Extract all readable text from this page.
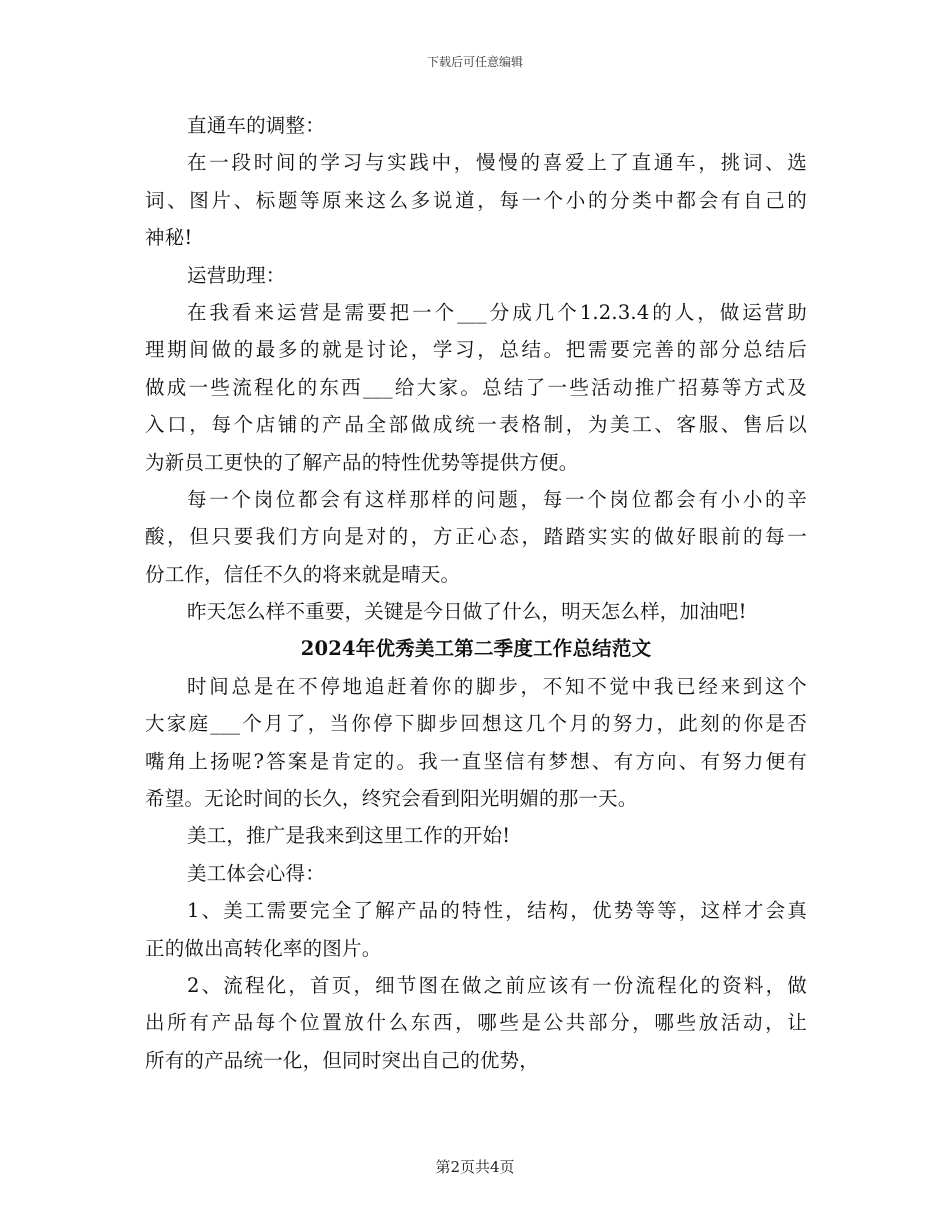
下载后可任意编辑
直通车的调整：
在一段时间的学习与实践中，慢慢的喜爱上了直通车，挑词、选
词、图片、标题等原来这么多说道，每一个小的分类中都会有自己的
神秘!
运营助理：
在我看来运营是需要把一个___分成几个1.2.3.4的人，做运营助
理期间做的最多的就是讨论，学习，总结。把需要完善的部分总结后
做成一些流程化的东西___给大家。总结了一些活动推广招募等方式及
入口，每个店铺的产品全部做成统一表格制，为美工、客服、售后以
为新员工更快的了解产品的特性优势等提供方便。
每一个岗位都会有这样那样的问题，每一个岗位都会有小小的辛
酸，但只要我们方向是对的，方正心态，踏踏实实的做好眼前的每一
份工作，信任不久的将来就是晴天。
昨天怎么样不重要，关键是今日做了什么，明天怎么样，加油吧!
2024年优秀美工第二季度工作总结范文
时间总是在不停地追赶着你的脚步，不知不觉中我已经来到这个
大家庭___个月了，当你停下脚步回想这几个月的努力，此刻的你是否
嘴角上扬呢?答案是肯定的。我一直坚信有梦想、有方向、有努力便有
希望。无论时间的长久，终究会看到阳光明媚的那一天。
美工，推广是我来到这里工作的开始!
美工体会心得：
1、美工需要完全了解产品的特性，结构，优势等等，这样才会真
正的做出高转化率的图片。
2、流程化，首页，细节图在做之前应该有一份流程化的资料，做
出所有产品每个位置放什么东西，哪些是公共部分，哪些放活动，让
所有的产品统一化，但同时突出自己的优势，
第2页共4页
